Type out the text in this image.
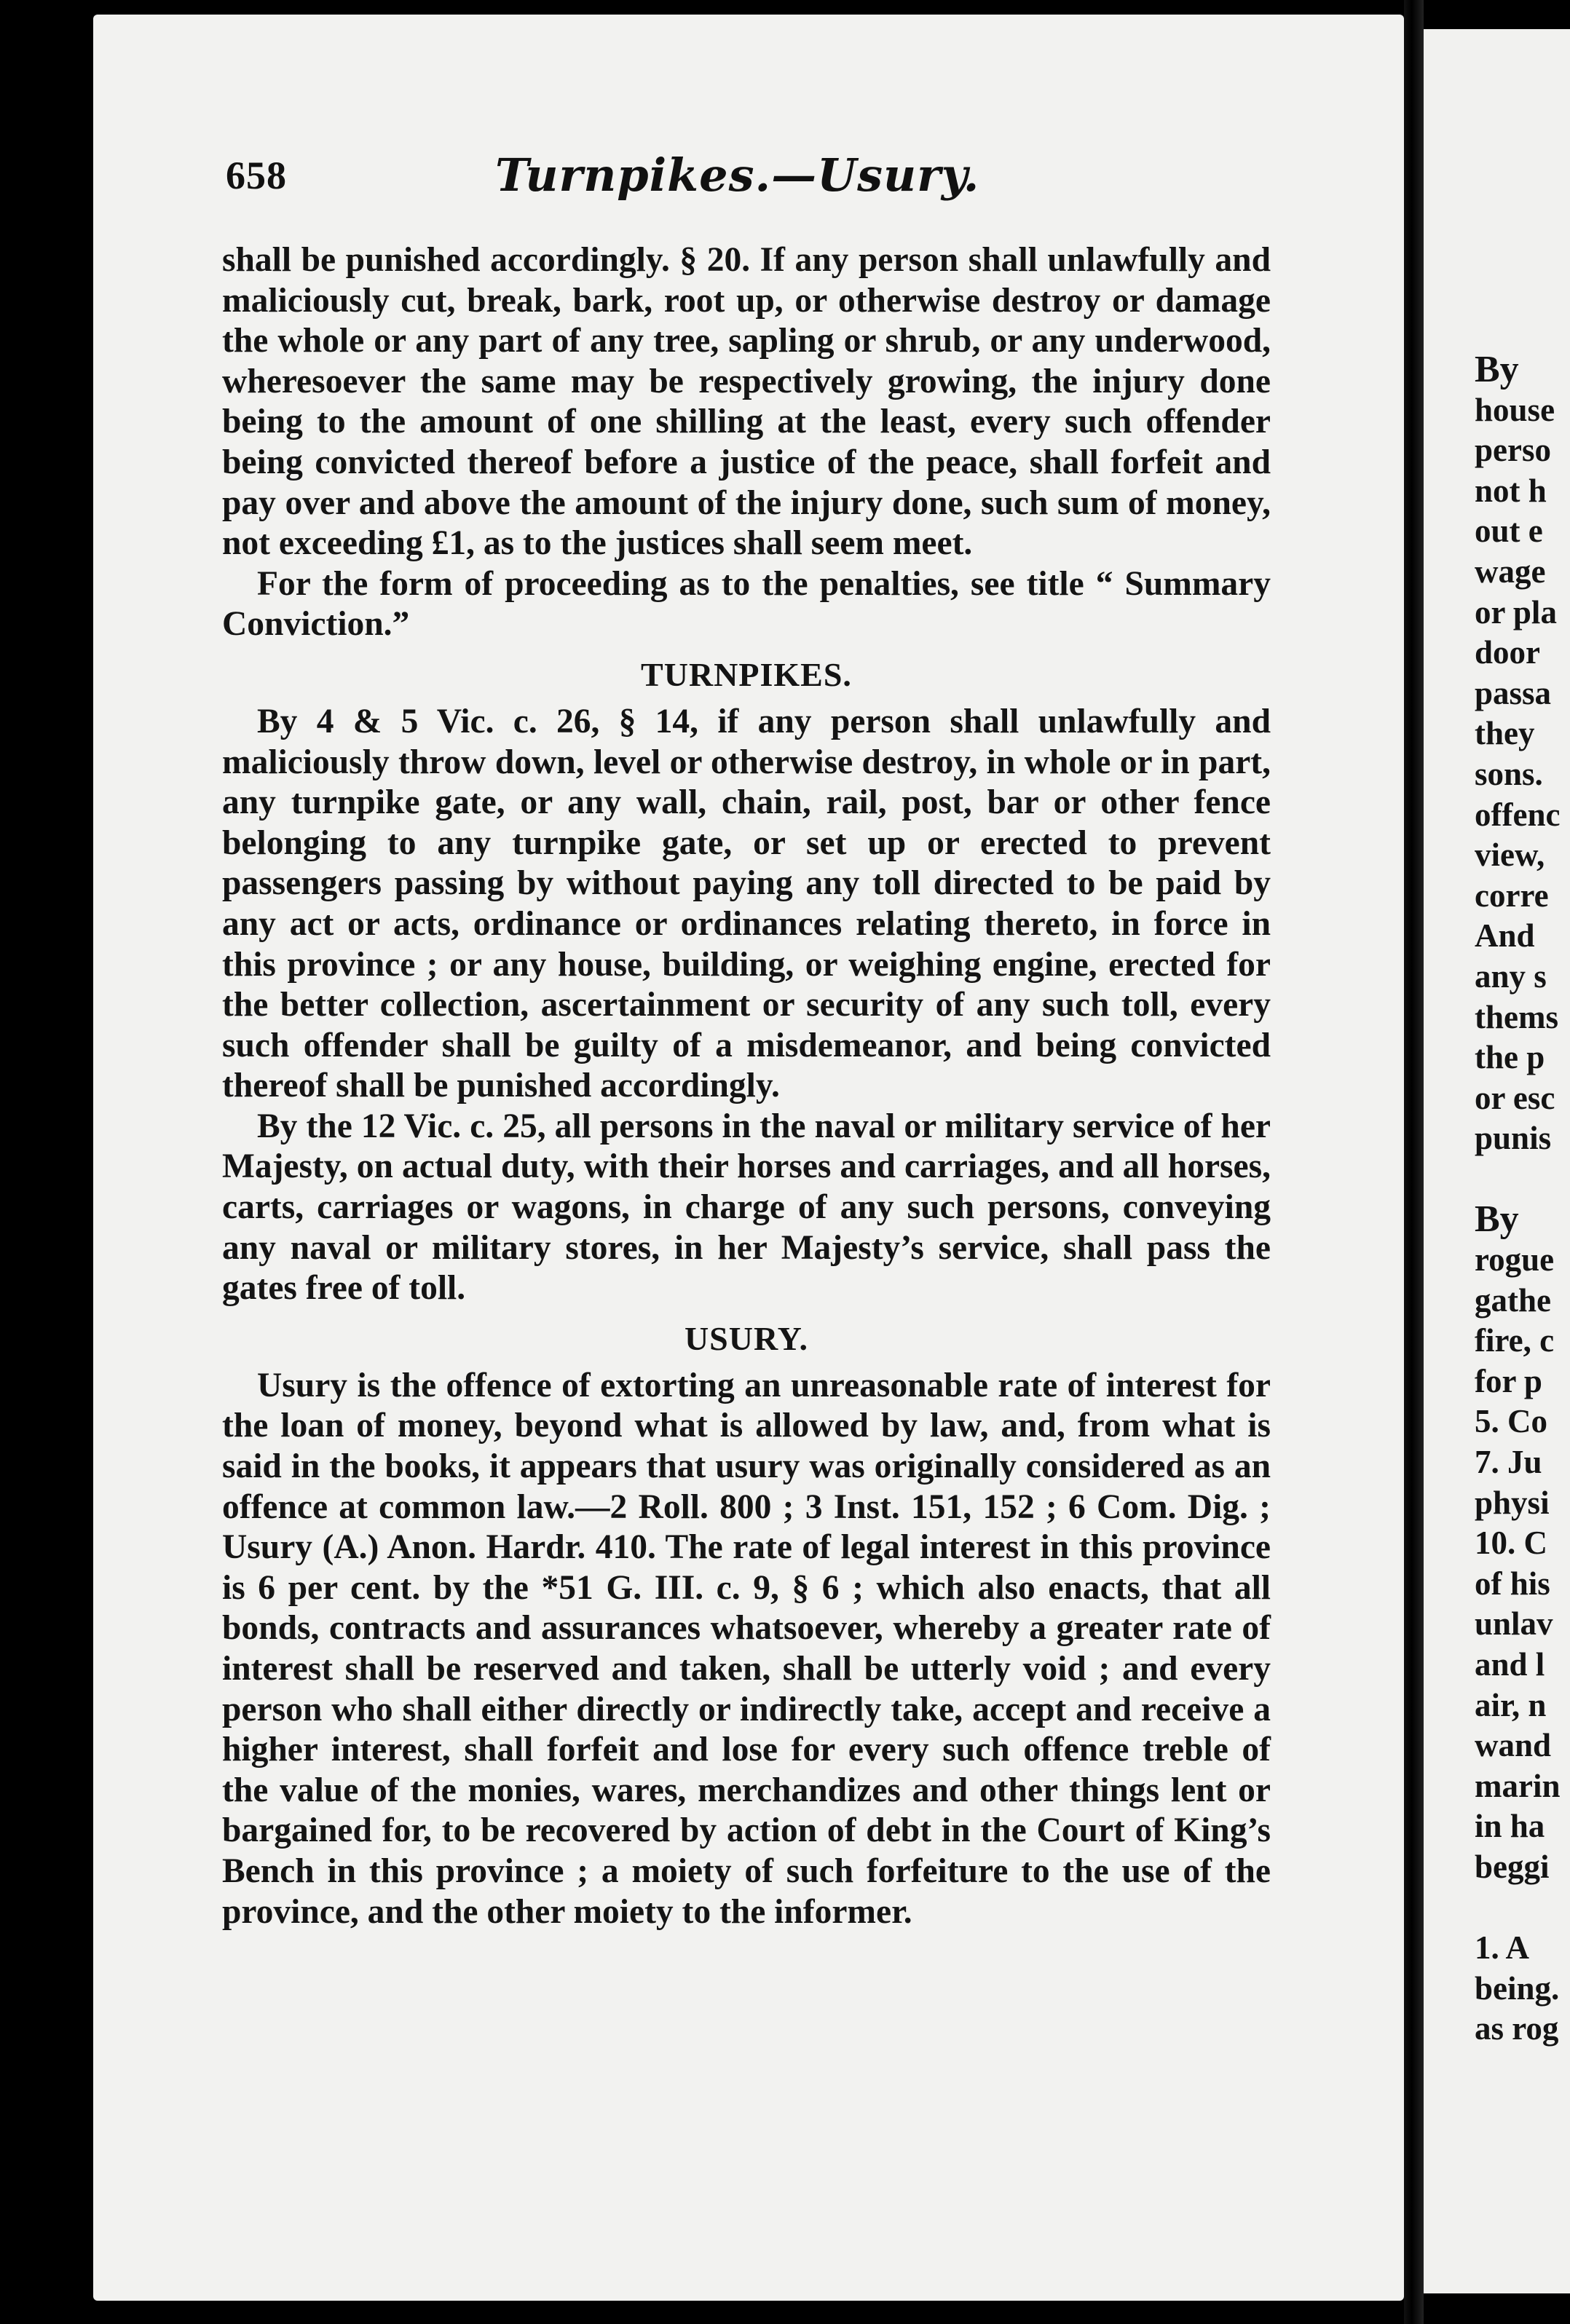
658	Turnpikes.—Usury.

shall be punished accordingly. § 20. If any person shall unlawfully and maliciously cut, break, bark, root up, or otherwise destroy or damage the whole or any part of any tree, sapling or shrub, or any underwood, wheresoever the same may be respectively growing, the injury done being to the amount of one shilling at the least, every such offender being convicted thereof before a justice of the peace, shall forfeit and pay over and above the amount of the injury done, such sum of money, not exceeding £1, as to the justices shall seem meet.

For the form of proceeding as to the penalties, see title “ Summary Conviction.”

TURNPIKES.

By 4 & 5 Vic. c. 26, § 14, if any person shall unlawfully and maliciously throw down, level or otherwise destroy, in whole or in part, any turnpike gate, or any wall, chain, rail, post, bar or other fence belonging to any turnpike gate, or set up or erected to prevent passengers passing by without paying any toll directed to be paid by any act or acts, ordinance or ordinances relating thereto, in force in this province ; or any house, building, or weighing engine, erected for the better collection, ascertainment or security of any such toll, every such offender shall be guilty of a misdemeanor, and being convicted thereof shall be punished accordingly.

By the 12 Vic. c. 25, all persons in the naval or military service of her Majesty, on actual duty, with their horses and carriages, and all horses, carts, carriages or wagons, in charge of any such persons, conveying any naval or military stores, in her Majesty’s service, shall pass the gates free of toll.

USURY.

Usury is the offence of extorting an unreasonable rate of interest for the loan of money, beyond what is allowed by law, and, from what is said in the books, it appears that usury was originally considered as an offence at common law.—2 Roll. 800 ; 3 Inst. 151, 152 ; 6 Com. Dig. ; Usury (A.) Anon. Hardr. 410. The rate of legal interest in this province is 6 per cent. by the *51 G. III. c. 9, § 6 ; which also enacts, that all bonds, contracts and assurances whatsoever, whereby a greater rate of interest shall be reserved and taken, shall be utterly void ; and every person who shall either directly or indirectly take, accept and receive a higher interest, shall forfeit and lose for every such offence treble of the value of the monies, wares, merchandizes and other things lent or bargained for, to be recovered by action of debt in the Court of King’s Bench in this province ; a moiety of such forfeiture to the use of the province, and the other moiety to the informer.

By
house
perso
not h
out e
wage
or pla
door
passa
they
sons.
offenc
view,
corre
And
any s
thems
the p
or esc
punis
By
rogue
gathe
fire, c
for p
5. Co
7. Ju
physi
10. C
of his
unlav
and l
air, n
wand
marin
in ha
beggi
1. A
being.
as rog
